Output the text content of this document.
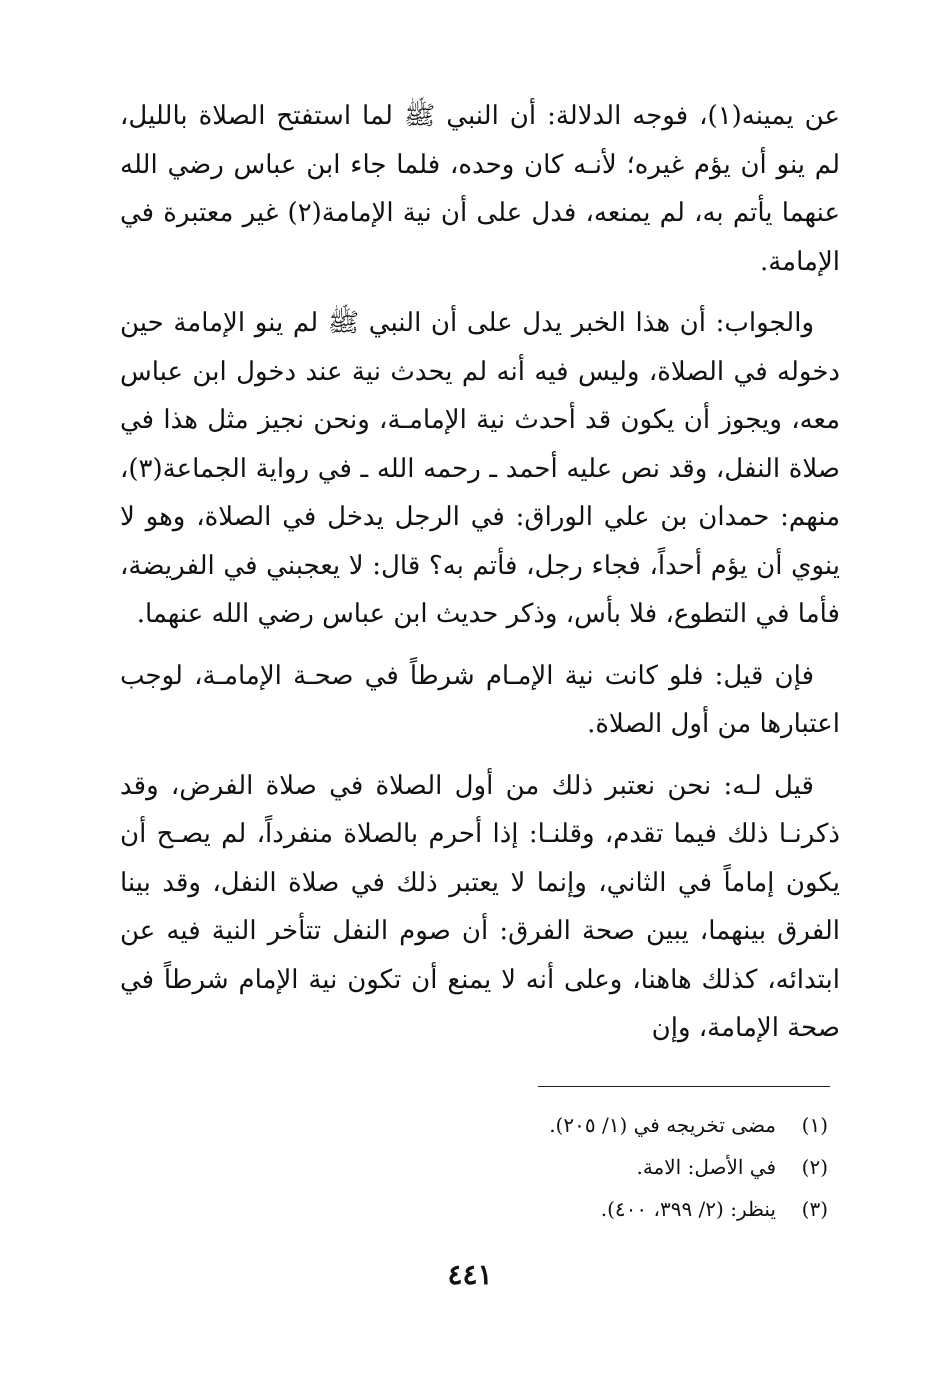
عن يمينه(١)، فوجه الدلالة: أن النبي ﷺ لما استفتح الصلاة بالليل، لم ينو أن يؤم غيره؛ لأنـه كان وحده، فلما جاء ابن عباس رضي الله عنهما يأتم به، لم يمنعه، فدل على أن نية الإمامة(٢) غير معتبرة في الإمامة.

والجواب: أن هذا الخبر يدل على أن النبي ﷺ لم ينو الإمامة حين دخوله في الصلاة، وليس فيه أنه لم يحدث نية عند دخول ابن عباس معه، ويجوز أن يكون قد أحدث نية الإمامـة، ونحن نجيز مثل هذا في صلاة النفل، وقد نص عليه أحمد ـ رحمه الله ـ في رواية الجماعة(٣)، منهم: حمدان بن علي الوراق: في الرجل يدخل في الصلاة، وهو لا ينوي أن يؤم أحداً، فجاء رجل، فأتم به؟ قال: لا يعجبني في الفريضة، فأما في التطوع، فلا بأس، وذكر حديث ابن عباس رضي الله عنهما.

فإن قيل: فلو كانت نية الإمـام شرطاً في صحـة الإمامـة، لوجب اعتبارها من أول الصلاة.

قيل لـه: نحن نعتبر ذلك من أول الصلاة في صلاة الفرض، وقد ذكرنـا ذلك فيما تقدم، وقلنـا: إذا أحرم بالصلاة منفرداً، لم يصـح أن يكون إماماً في الثاني، وإنما لا يعتبر ذلك في صلاة النفل، وقد بينا الفرق بينهما، يبين صحة الفرق: أن صوم النفل تتأخر النية فيه عن ابتدائه، كذلك هاهنا، وعلى أنه لا يمنع أن تكون نية الإمام شرطاً في صحة الإمامة، وإن

(١)
مضى تخريجه في (١/ ٢٠٥).
(٢)
في الأصل: الامة.
(٣)
ينظر: (٢/ ٣٩٩، ٤٠٠).
٤٤١
